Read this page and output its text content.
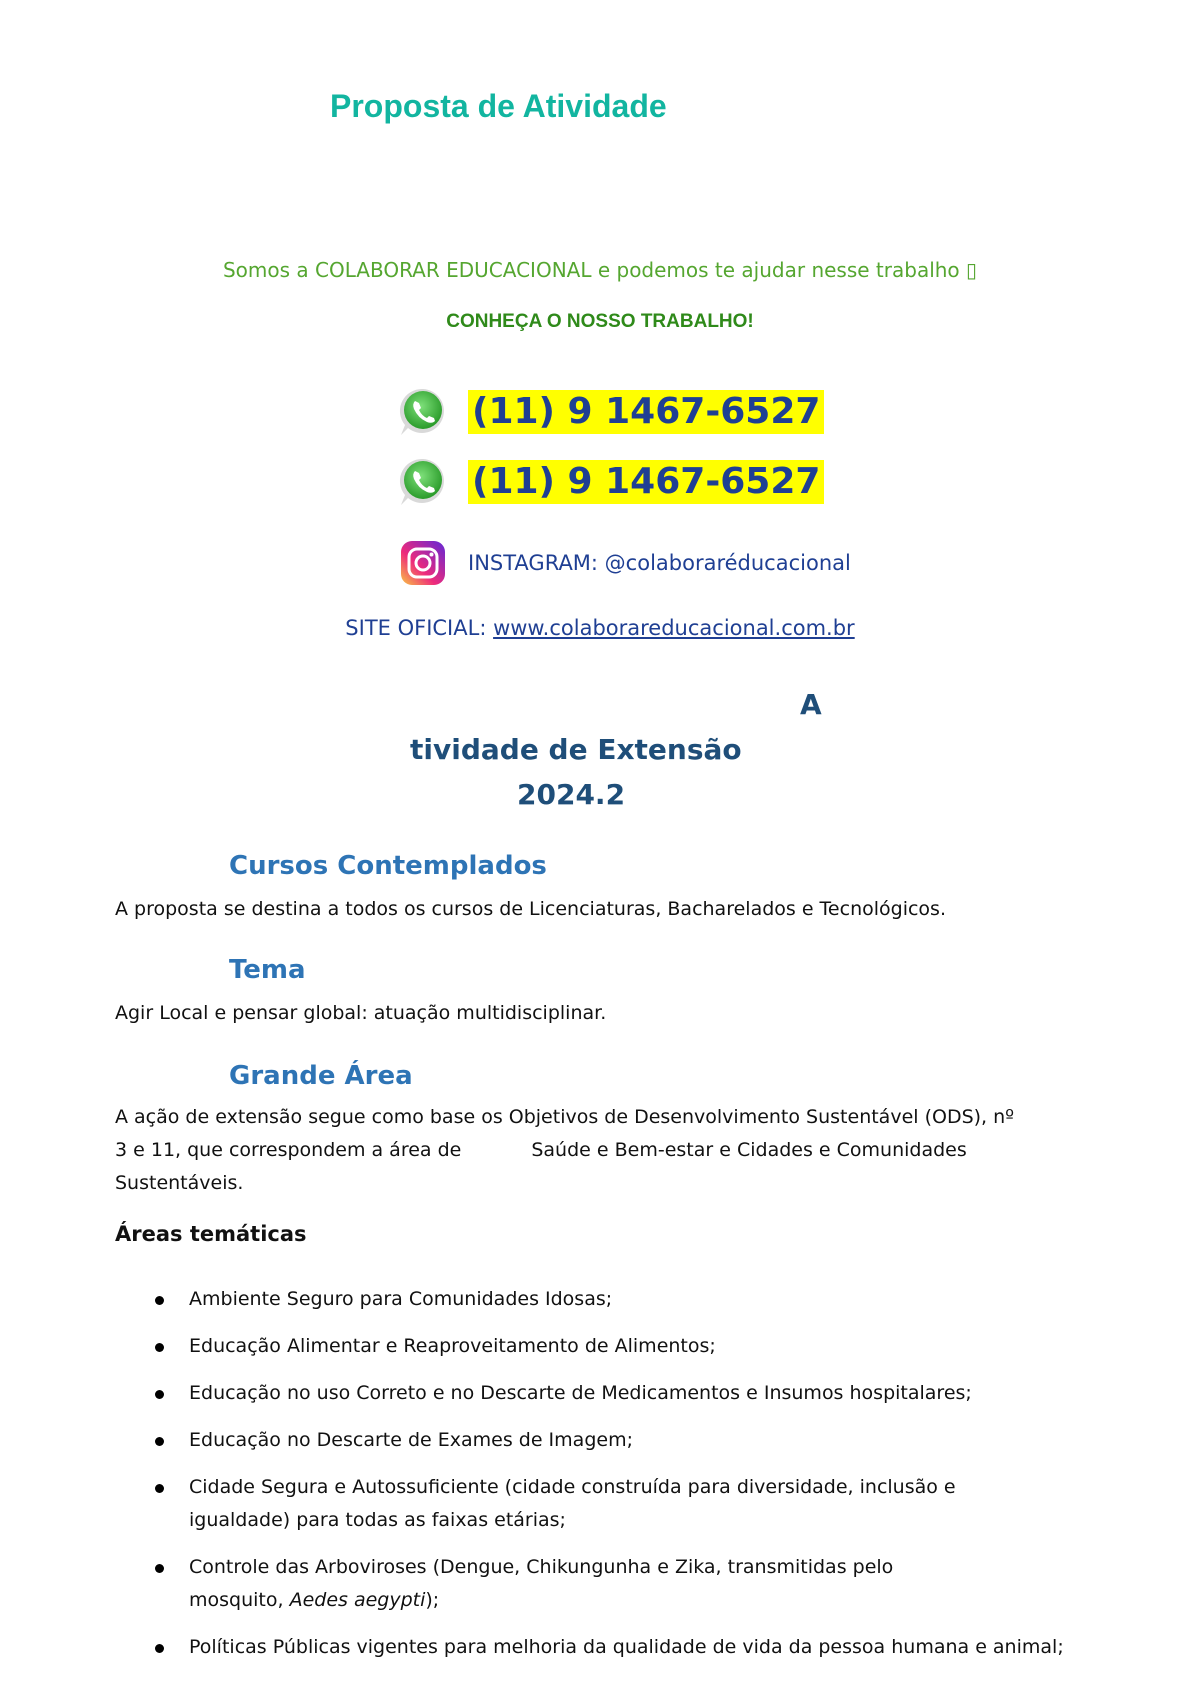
Proposta de Atividade
Somos a COLABORAR EDUCACIONAL e podemos te ajudar nesse trabalho ▯
CONHEÇA O NOSSO TRABALHO!
(11) 9 1467-6527
(11) 9 1467-6527
INSTAGRAM: @colaboraréducacional
SITE OFICIAL: www.colaborareducacional.com.br
A
tividade de Extensão
2024.2
Cursos Contemplados
A proposta se destina a todos os cursos de Licenciaturas, Bacharelados e Tecnológicos.
Tema
Agir Local e pensar global: atuação multidisciplinar.
Grande Área
A ação de extensão segue como base os Objetivos de Desenvolvimento Sustentável (ODS), nº
3 e 11, que correspondem a área de	Saúde e Bem-estar e Cidades e Comunidades
Sustentáveis.
Áreas temáticas
Ambiente Seguro para Comunidades Idosas;
Educação Alimentar e Reaproveitamento de Alimentos;
Educação no uso Correto e no Descarte de Medicamentos e Insumos hospitalares;
Educação no Descarte de Exames de Imagem;
Cidade Segura e Autossuficiente (cidade construída para diversidade, inclusão e igualdade) para todas as faixas etárias;
Controle das Arboviroses (Dengue, Chikungunha e Zika, transmitidas pelo mosquito, Aedes aegypti);
Políticas Públicas vigentes para melhoria da qualidade de vida da pessoa humana e animal;
